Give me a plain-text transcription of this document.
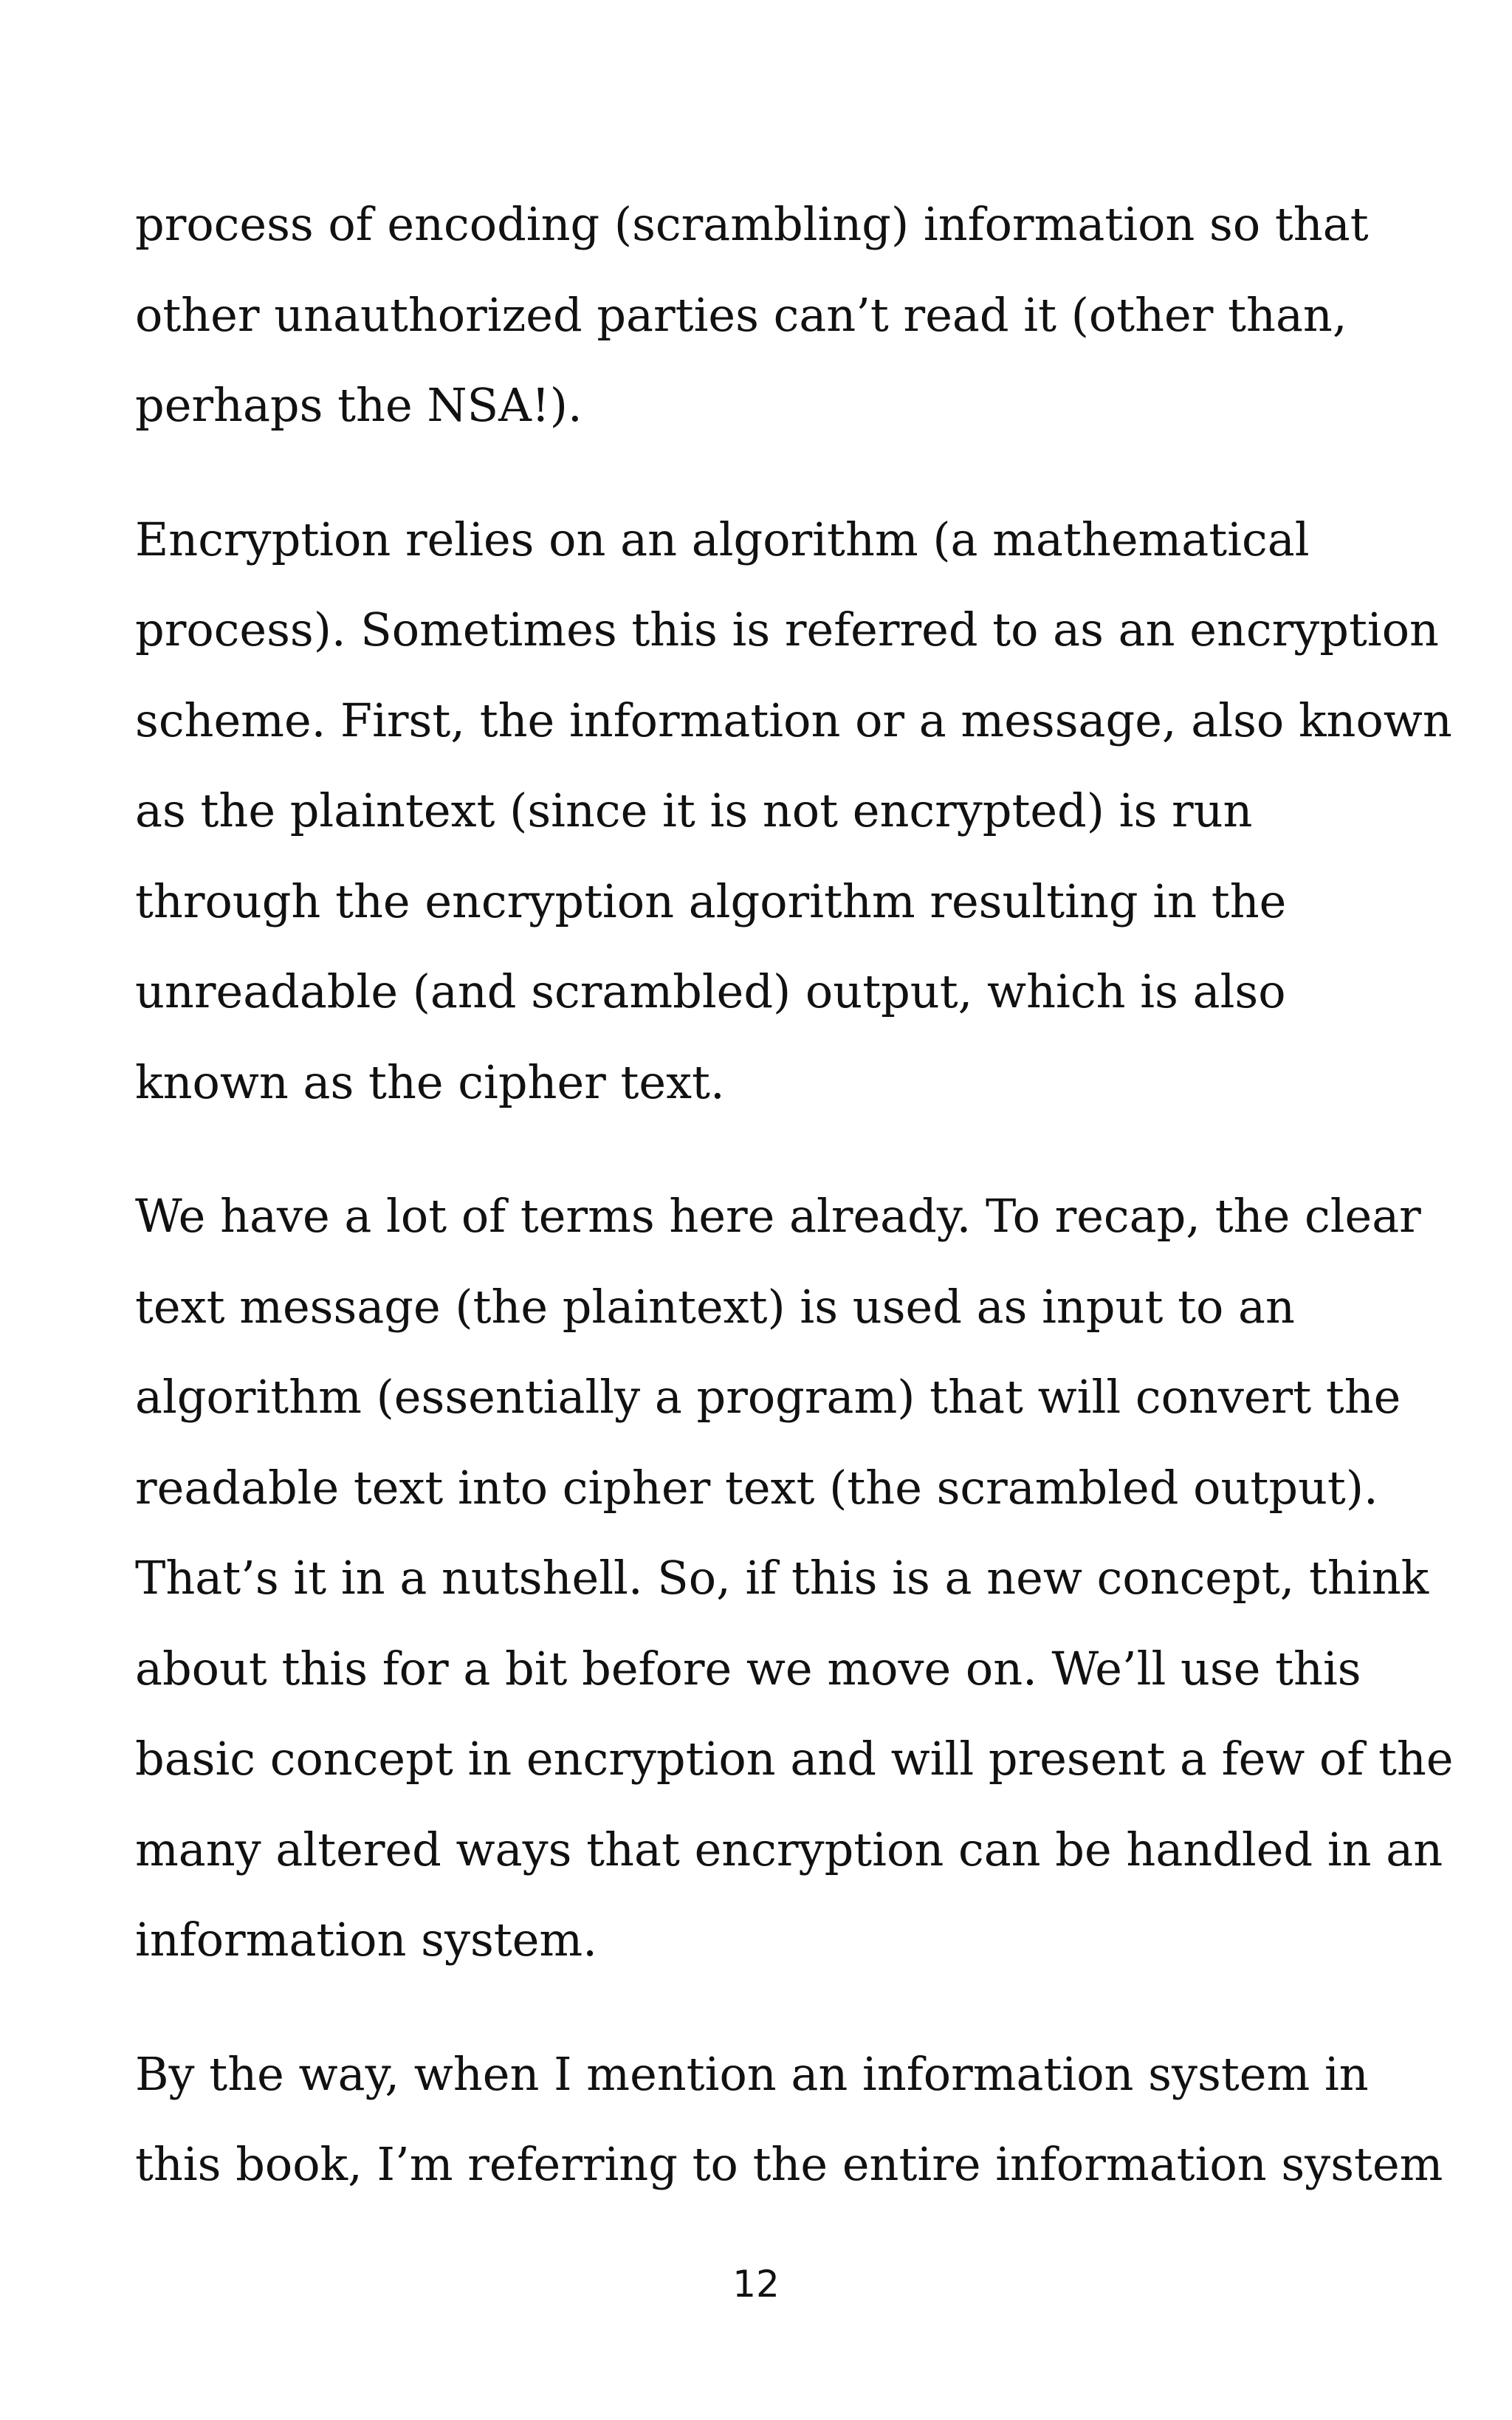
process of encoding (scrambling) information so that
other unauthorized parties can’t read it (other than,
perhaps the NSA!).
Encryption relies on an algorithm (a mathematical
process). Sometimes this is referred to as an encryption
scheme. First, the information or a message, also known
as the plaintext (since it is not encrypted) is run
through the encryption algorithm resulting in the
unreadable (and scrambled) output, which is also
known as the cipher text.
We have a lot of terms here already. To recap, the clear
text message (the plaintext) is used as input to an
algorithm (essentially a program) that will convert the
readable text into cipher text (the scrambled output).
That’s it in a nutshell. So, if this is a new concept, think
about this for a bit before we move on. We’ll use this
basic concept in encryption and will present a few of the
many altered ways that encryption can be handled in an
information system.
By the way, when I mention an information system in
this book, I’m referring to the entire information system
12
